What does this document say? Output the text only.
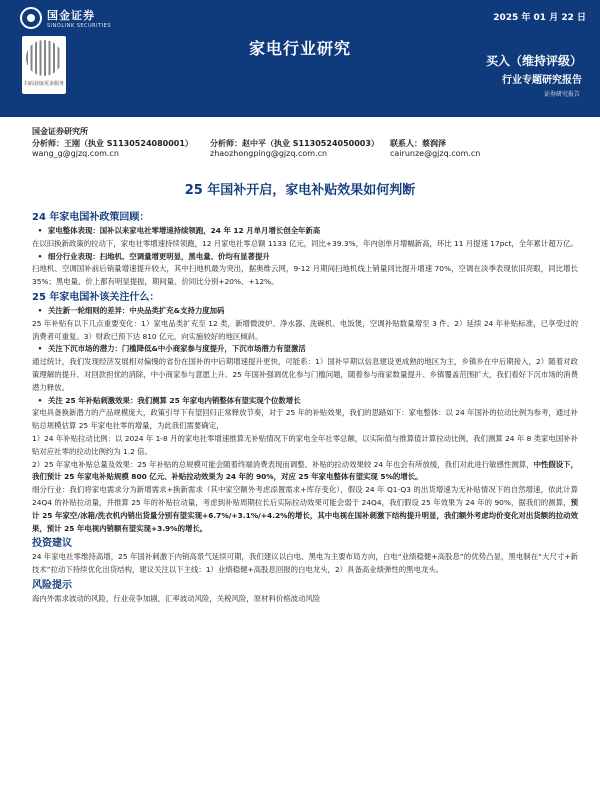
国金证券
SINOLINK SECURITIES
2025 年 01 月 22 日
扫码获取更多服务
家电行业研究
买入（维持评级）
行业专题研究报告
证券研究报告
国金证券研究所
分析师：王刚（执业 S1130524080001）	分析师：赵中平（执业 S1130524050003）	联系人：蔡润泽
wang_g@gjzq.com.cn	zhaozhongping@gjzq.com.cn	cairunze@gjzq.com.cn
25 年国补开启，家电补贴效果如何判断
24 年家电国补政策回顾：
• 家电整体表现：国补以来家电社零增速持续领跑，24 年 12 月单月增长创全年新高
在以旧换新政策的拉动下，家电社零增速持续领跑，12 月家电社零总额 1133 亿元，同比+39.3%，年内创单月增幅新高，环比 11 月提速 17pct，全年累计超万亿。
• 细分行业表现：扫地机、空调量增更明显，黑电量、价均有显著提升
扫地机、空调国补前后销量增速提升较大，其中扫地机最为突出，据奥维云网，9-12 月期间扫地机线上销量同比提升增速 70%，空调在淡季表现依旧亮眼，同比增长 35%；黑电量、价上都有明显提振，期间量、价同比分别+20%、+12%。
25 年家电国补该关注什么：
• 关注新一轮细则的差异：中央品类扩充&支持力度加码
25 年补贴有以下几点重要变化：1）家电品类扩充至 12 类，新增微波炉、净水器、洗碗机、电饭煲，空调补贴数量增至 3 件。2）延续 24 年补贴标准，已享受过的消费者可重复。3）财政已预下达 810 亿元，向实施较好的地区倾斜。
• 关注下沉市场的潜力：门槛降低&中小商家参与度提升，下沉市场潜力有望激活
通过统计，我们发现经济发展相对偏慢的省份在国补的中后期增速提升更快，可能系：1）国补早期以信息建设更成熟的地区为主，乡镇乡在中后期接入，2）随着对政策理解的提升、对回款担忧的消除，中小商家参与意愿上升。25 年国补强调优化参与门槛问题，随着参与商家数量提升、乡镇覆盖范围扩大，我们看好下沉市场的消费潜力释放。
• 关注 25 年补贴刺激效果：我们测算 25 年家电内销整体有望实现个位数增长
家电具备换新潜力的产品规模庞大，政策引导下有望回归正常释放节奏，对于 25 年的补贴效果，我们的思路如下：家电整体：以 24 年国补的拉动比例为参考，通过补贴总规模估算 25 年家电社零的增量，为此我们需要确定，
1）24 年补贴拉动比例：以 2024 年 1-8 月的家电社零增速推算无补贴情况下的家电全年社零总额，以实际值与推算值计算拉动比例，我们测算 24 年 8 类家电国补补贴对应社零的拉动比例约为 1.2 倍。
2）25 年家电补贴总量及效果：25 年补贴的总规模可能会随着终端消费表现而调整、补贴的拉动效果较 24 年也会有所放缓，我们对此进行敏感性测算，中性假设下，我们预计 25 年家电补贴规模 800 亿元、补贴拉动效果为 24 年的 90%，对应 25 年家电整体有望实现 5%的增长。
细分行业：我们将家电需求分为新增需求+换新需求（其中家空额外考虑添置需求+库存变化），假设 24 年 Q1-Q3 的出货增速为无补贴情况下的自然增速，依此计算 24Q4 的补贴拉动量，并推算 25 年的补贴拉动量，考虑到补贴周期拉长后实际拉动效果可能会弱于 24Q4，我们假设 25 年效果为 24 年的 90%，据我们的测算，预计 25 年家空/冰箱/洗衣机内销出货量分别有望实现+6.7%/+3.1%/+4.2%的增长，其中电视在国补刺激下结构提升明显，我们额外考虑均价变化对出货额的拉动效果，预计 25 年电视内销额有望实现+3.9%的增长。
投资建议
24 年家电社零维持高增，25 年国补刺激下内销高景气延续可期，我们建议以白电、黑电为主要布局方向，白电“业绩稳健+高股息”的优势凸显，黑电制在“大尺寸+新技术”拉动下持续优化出货结构，建议关注以下主线：1）业绩稳健+高股息回报的白电龙头，2）具备高业绩弹性的黑电龙头。
风险提示
海内外需求波动的风险，行业竞争加剧，汇率波动风险，关税风险，原材料价格波动风险
